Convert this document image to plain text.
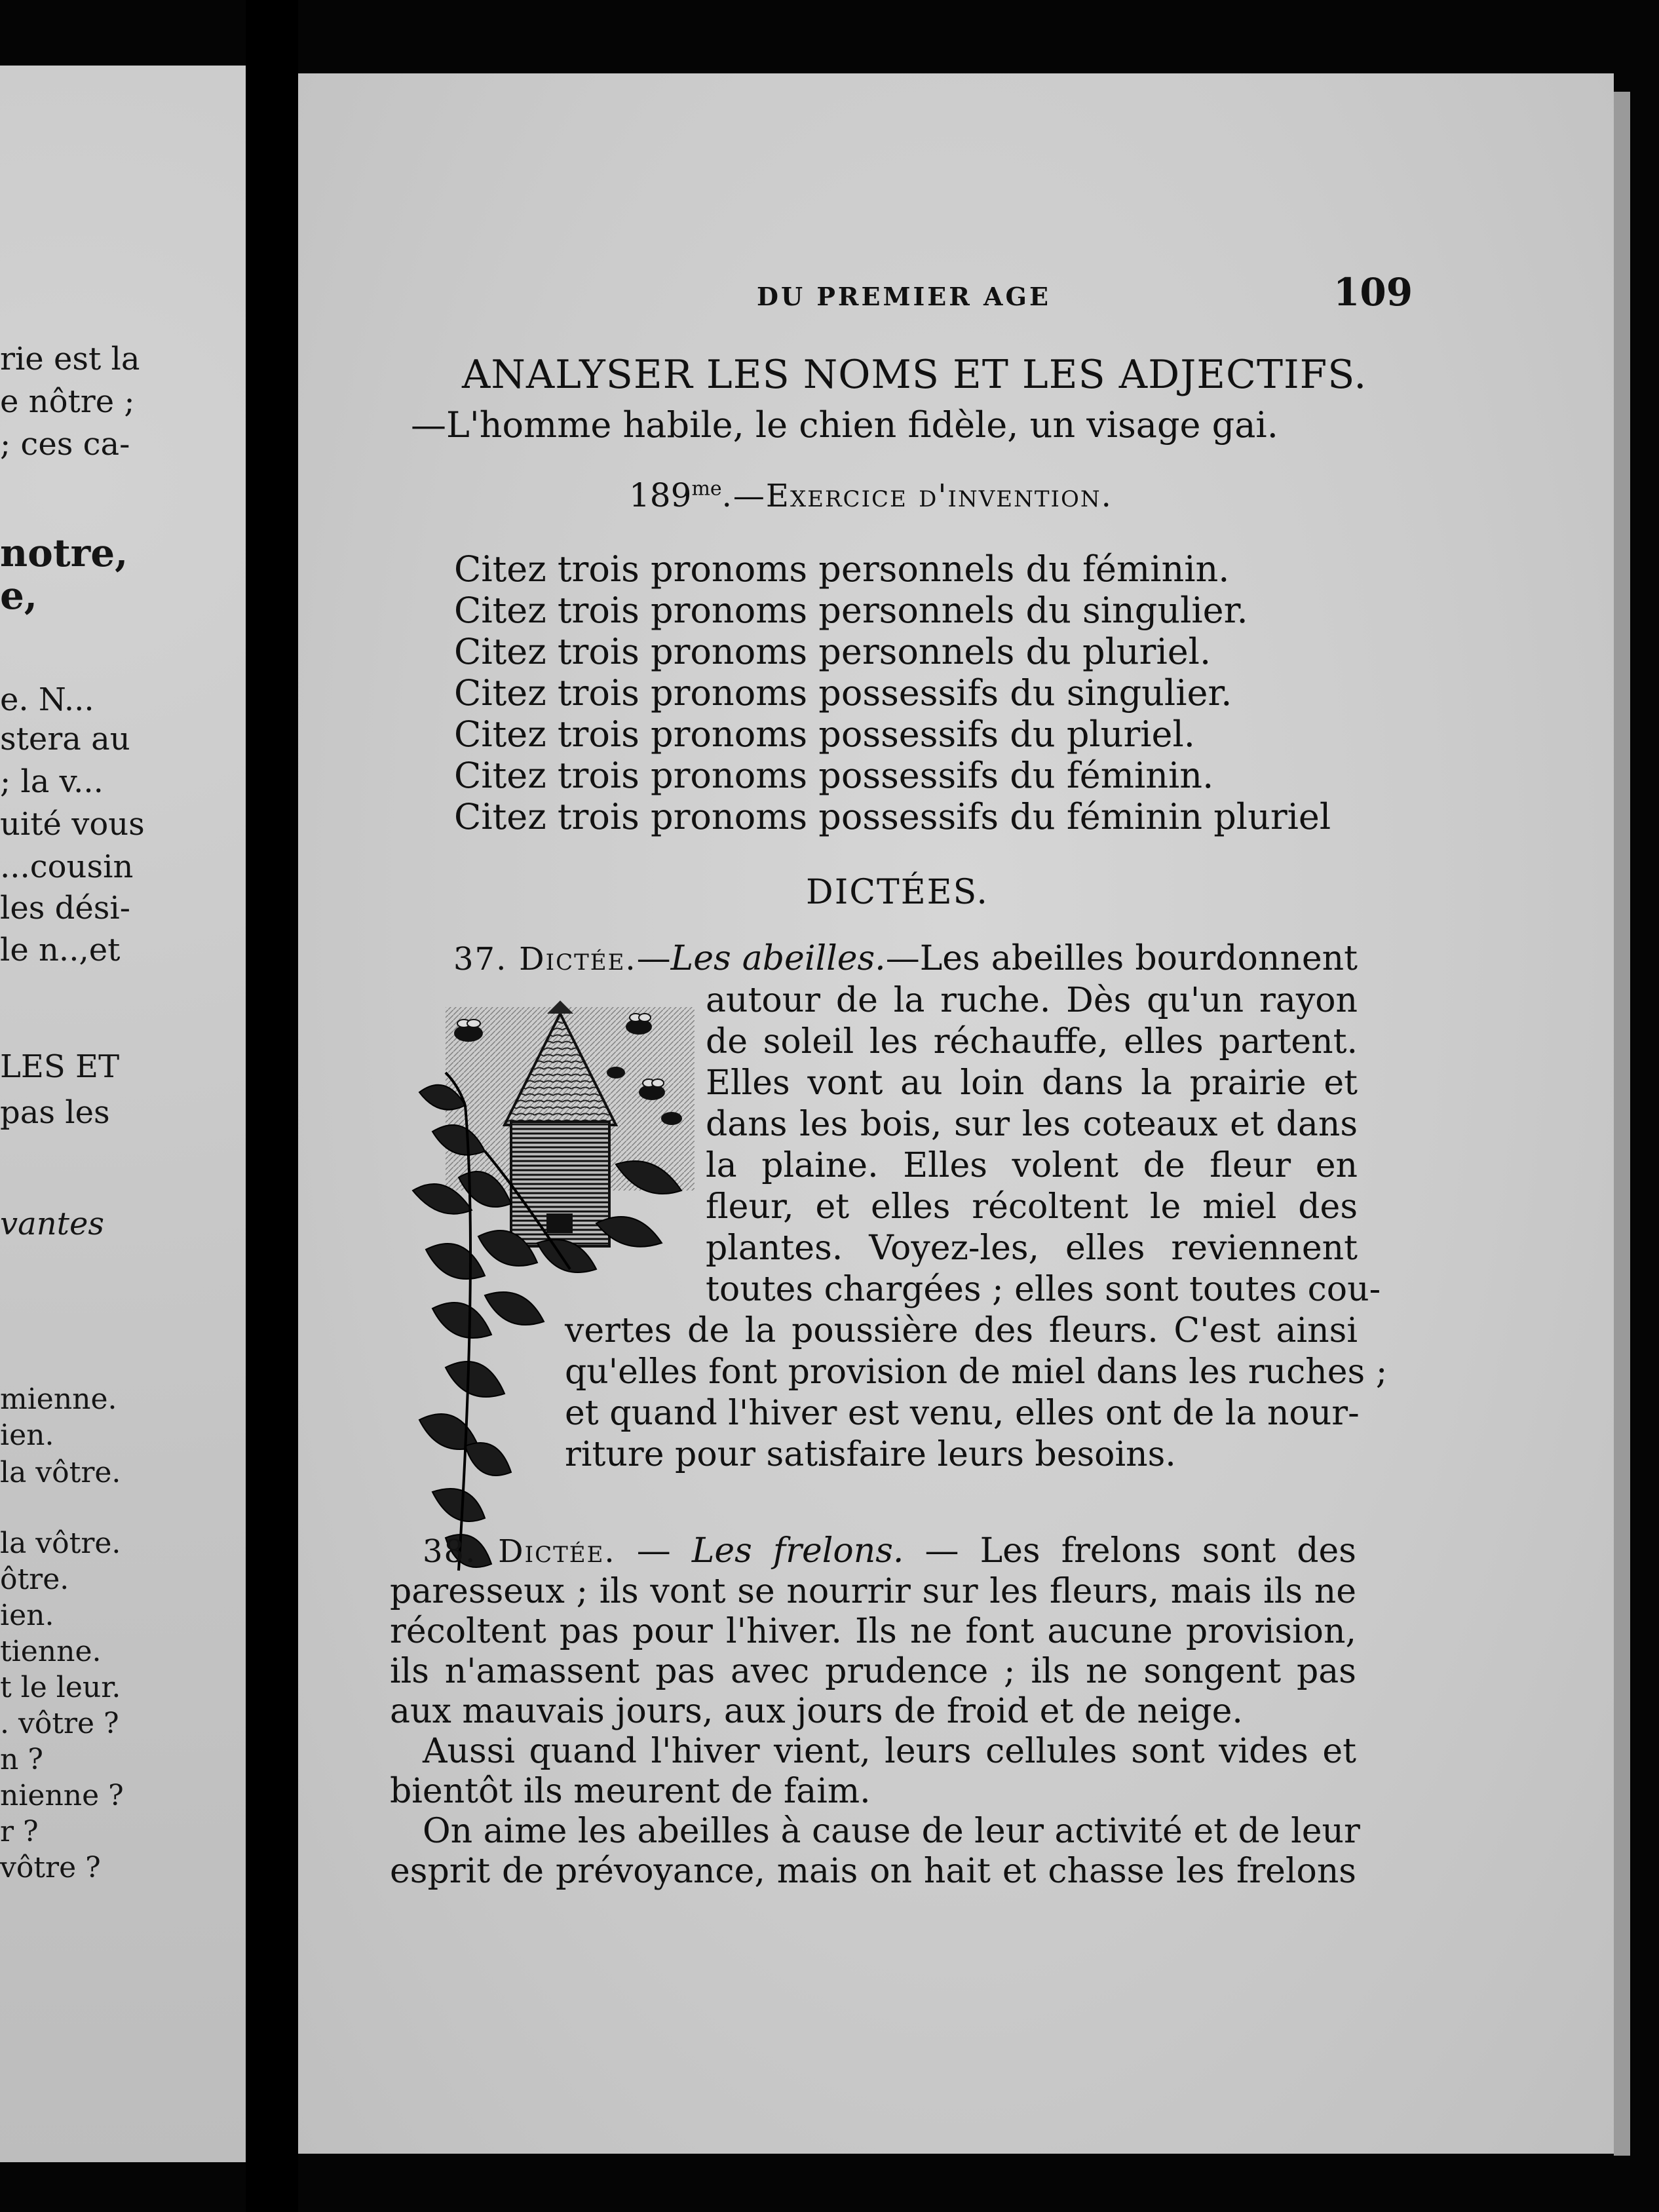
rie est la
e nôtre ;
; ces ca-
notre,
e,
e. N...
stera au
; la v...
uité vous
...cousin
les dési-
le n..,et
LES ET
pas les
vantes
mienne.
ien.
la vôtre.
la vôtre.
ôtre.
ien.
tienne.
t le leur.
. vôtre ?
n ?
nienne ?
r ?
vôtre ?
DU PREMIER AGE	109
ANALYSER LES NOMS ET LES ADJECTIFS.
—L'homme habile, le chien fidèle, un visage gai.
$189^{me}.—Exercice$ d'invention.
Citez trois pronoms personnels du féminin.
Citez trois pronoms personnels du singulier.
Citez trois pronoms personnels du pluriel.
Citez trois pronoms possessifs du singulier.
Citez trois pronoms possessifs du pluriel.
Citez trois pronoms possessifs du féminin.
Citez trois pronoms possessifs du féminin pluriel
DICTÉES.
37. Dictée.—Les abeilles.—Les abeilles bourdonnent
autour de la ruche. Dès qu'un rayon
de soleil les réchauffe, elles partent.
Elles vont au loin dans la prairie et
dans les bois, sur les coteaux et dans
la plaine. Elles volent de fleur en
fleur, et elles récoltent le miel des
plantes. Voyez-les, elles reviennent
toutes chargées ; elles sont toutes cou-
vertes de la poussière des fleurs. C'est ainsi
qu'elles font provision de miel dans les ruches ;
et quand l'hiver est venu, elles ont de la nour-
riture pour satisfaire leurs besoins.
38. Dictée. — Les frelons. — Les frelons sont des
paresseux ; ils vont se nourrir sur les fleurs, mais ils ne
récoltent pas pour l'hiver. Ils ne font aucune provision,
ils n'amassent pas avec prudence ; ils ne songent pas
aux mauvais jours, aux jours de froid et de neige.
Aussi quand l'hiver vient, leurs cellules sont vides et
bientôt ils meurent de faim.
On aime les abeilles à cause de leur activité et de leur
esprit de prévoyance, mais on hait et chasse les frelons
